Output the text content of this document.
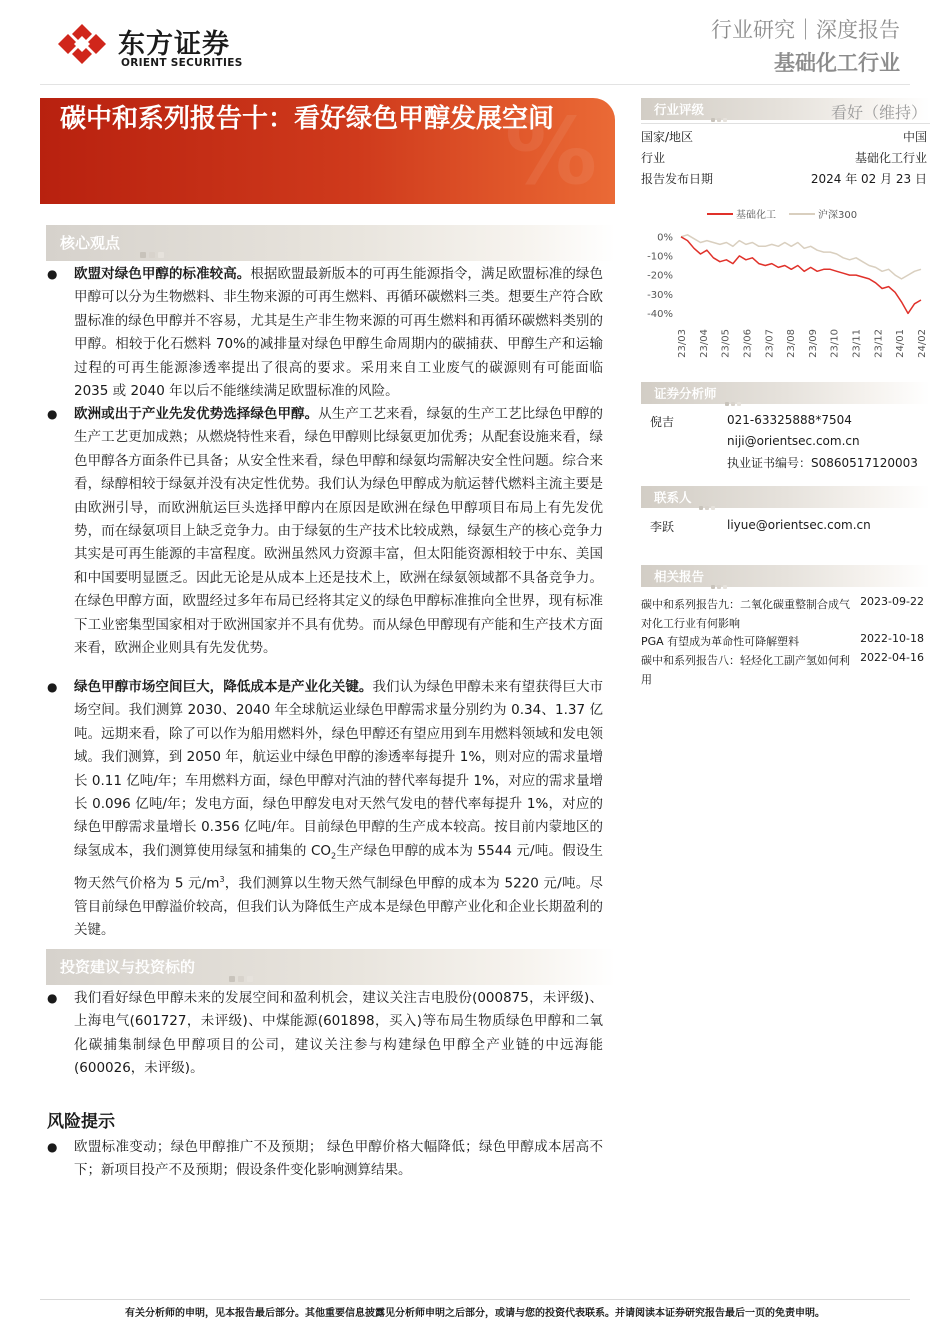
东方证券
ORIENT SECURITIES
行业研究｜深度报告
基础化工行业
%
碳中和系列报告十：看好绿色甲醇发展空间
核心观点
● 欧盟对绿色甲醇的标准较高。根据欧盟最新版本的可再生能源指令，满足欧盟标准的绿色甲醇可以分为生物燃料、非生物来源的可再生燃料、再循环碳燃料三类。想要生产符合欧盟标准的绿色甲醇并不容易，尤其是生产非生物来源的可再生燃料和再循环碳燃料类别的甲醇。相较于化石燃料 70%的减排量对绿色甲醇生命周期内的碳捕获、甲醇生产和运输过程的可再生能源渗透率提出了很高的要求。采用来自工业废气的碳源则有可能面临 2035 或 2040 年以后不能继续满足欧盟标准的风险。
● 欧洲或出于产业先发优势选择绿色甲醇。从生产工艺来看，绿氨的生产工艺比绿色甲醇的生产工艺更加成熟；从燃烧特性来看，绿色甲醇则比绿氨更加优秀；从配套设施来看，绿色甲醇各方面条件已具备；从安全性来看，绿色甲醇和绿氨均需解决安全性问题。综合来看，绿醇相较于绿氨并没有决定性优势。我们认为绿色甲醇成为航运替代燃料主流主要是由欧洲引导，而欧洲航运巨头选择甲醇内在原因是欧洲在绿色甲醇项目布局上有先发优势，而在绿氨项目上缺乏竞争力。由于绿氨的生产技术比较成熟，绿氨生产的核心竞争力其实是可再生能源的丰富程度。欧洲虽然风力资源丰富，但太阳能资源相较于中东、美国和中国要明显匮乏。因此无论是从成本上还是技术上，欧洲在绿氨领域都不具备竞争力。在绿色甲醇方面，欧盟经过多年布局已经将其定义的绿色甲醇标准推向全世界，现有标准下工业密集型国家相对于欧洲国家并不具有优势。而从绿色甲醇现有产能和生产技术方面来看，欧洲企业则具有先发优势。
● 绿色甲醇市场空间巨大，降低成本是产业化关键。我们认为绿色甲醇未来有望获得巨大市场空间。我们测算 2030、2040 年全球航运业绿色甲醇需求量分别约为 0.34、1.37 亿吨。远期来看，除了可以作为船用燃料外，绿色甲醇还有望应用到车用燃料领域和发电领域。我们测算，到 2050 年，航运业中绿色甲醇的渗透率每提升 1%，则对应的需求量增长 0.11 亿吨/年；车用燃料方面，绿色甲醇对汽油的替代率每提升 1%，对应的需求量增长 0.096 亿吨/年；发电方面，绿色甲醇发电对天然气发电的替代率每提升 1%，对应的绿色甲醇需求量增长 0.356 亿吨/年。目前绿色甲醇的生产成本较高。按目前内蒙地区的绿氢成本，我们测算使用绿氢和捕集的 $CO_2$生产绿色甲醇的成本为 5544 元/吨。假设生物天然气价格为 5 元$/m^3$，我们测算以生物天然气制绿色甲醇的成本为 5220 元/吨。尽管目前绿色甲醇溢价较高，但我们认为降低生产成本是绿色甲醇产业化和企业长期盈利的关键。
投资建议与投资标的
● 我们看好绿色甲醇未来的发展空间和盈利机会，建议关注吉电股份(000875，未评级)、上海电气(601727，未评级)、中煤能源(601898，买入)等布局生物质绿色甲醇和二氧化碳捕集制绿色甲醇项目的公司，建议关注参与构建绿色甲醇全产业链的中远海能(600026，未评级)。
风险提示
● 欧盟标准变动；绿色甲醇推广不及预期； 绿色甲醇价格大幅降低；绿色甲醇成本居高不下；新项目投产不及预期；假设条件变化影响测算结果。
行业评级	看好（维持）
国家/地区	中国
行业	基础化工行业
报告发布日期	2024 年 02 月 23 日
基础化工	沪深300
0%
-10%
-20%
-30%
-40%
23/03 23/04 23/05 23/06 23/07 23/08 23/09 23/10 23/11 23/12 24/01 24/02
证券分析师
倪吉	021-63325888*7504
niji@orientsec.com.cn
执业证书编号：S0860517120003
联系人
李跃	liyue@orientsec.com.cn
相关报告
碳中和系列报告九：二氧化碳重整制合成气对化工行业有何影响
2023-09-22
PGA 有望成为革命性可降解塑料	2022-10-18
碳中和系列报告八：轻烃化工副产氢如何利用
2022-04-16
有关分析师的申明，见本报告最后部分。其他重要信息披露见分析师申明之后部分，或请与您的投资代表联系。并请阅读本证券研究报告最后一页的免责申明。
